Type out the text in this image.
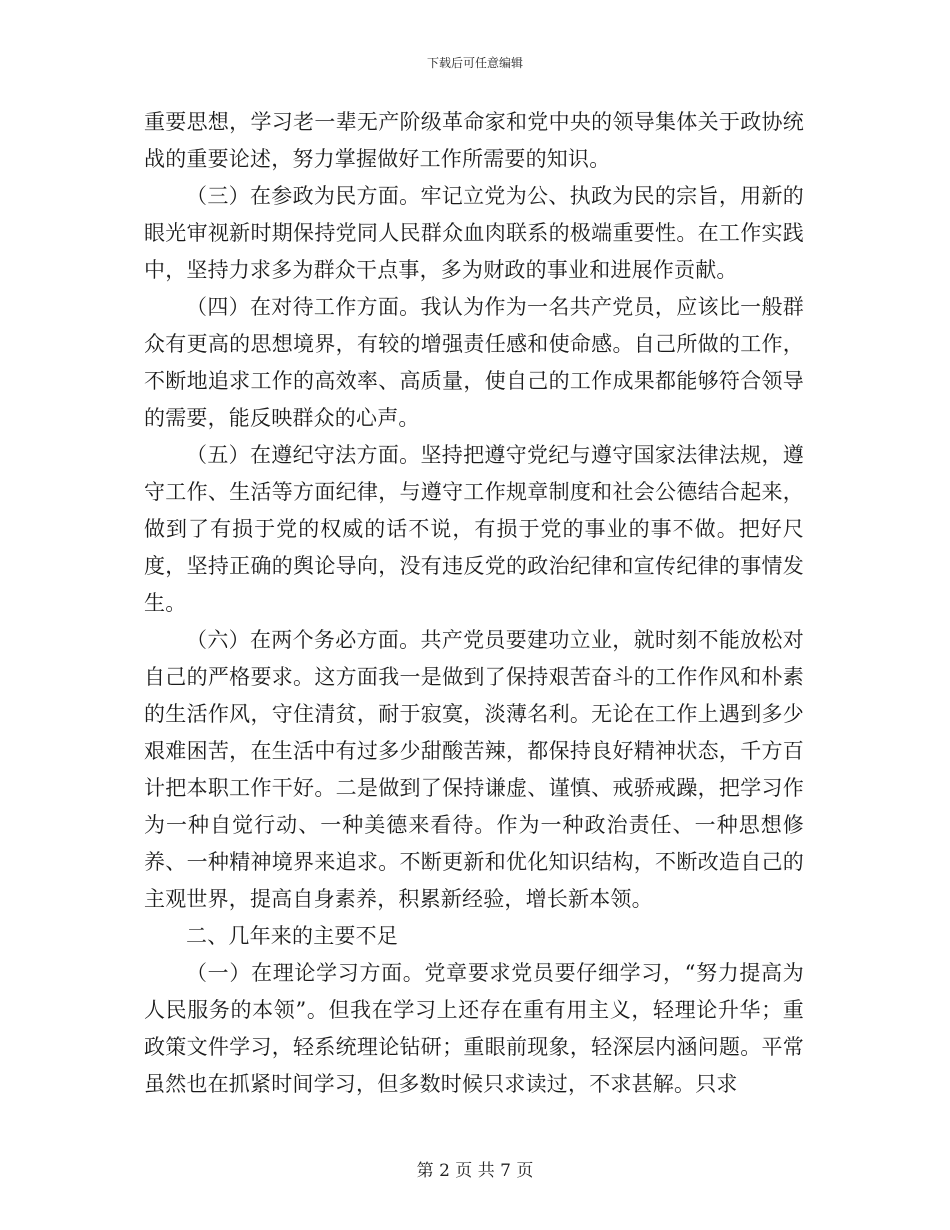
下载后可任意编辑

重要思想，学习老一辈无产阶级革命家和党中央的领导集体关于政协统战的重要论述，努力掌握做好工作所需要的知识。

（三）在参政为民方面。牢记立党为公、执政为民的宗旨，用新的眼光审视新时期保持党同人民群众血肉联系的极端重要性。在工作实践中，坚持力求多为群众干点事，多为财政的事业和进展作贡献。

（四）在对待工作方面。我认为作为一名共产党员，应该比一般群众有更高的思想境界，有较的增强责任感和使命感。自己所做的工作，不断地追求工作的高效率、高质量，使自己的工作成果都能够符合领导的需要，能反映群众的心声。

（五）在遵纪守法方面。坚持把遵守党纪与遵守国家法律法规，遵守工作、生活等方面纪律，与遵守工作规章制度和社会公德结合起来，做到了有损于党的权威的话不说，有损于党的事业的事不做。把好尺度，坚持正确的舆论导向，没有违反党的政治纪律和宣传纪律的事情发生。

（六）在两个务必方面。共产党员要建功立业，就时刻不能放松对自己的严格要求。这方面我一是做到了保持艰苦奋斗的工作作风和朴素的生活作风，守住清贫，耐于寂寞，淡薄名利。无论在工作上遇到多少艰难困苦，在生活中有过多少甜酸苦辣，都保持良好精神状态，千方百计把本职工作干好。二是做到了保持谦虚、谨慎、戒骄戒躁，把学习作为一种自觉行动、一种美德来看待。作为一种政治责任、一种思想修养、一种精神境界来追求。不断更新和优化知识结构，不断改造自己的主观世界，提高自身素养，积累新经验，增长新本领。

二、几年来的主要不足

（一）在理论学习方面。党章要求党员要仔细学习，“努力提高为人民服务的本领”。但我在学习上还存在重有用主义，轻理论升华；重政策文件学习，轻系统理论钻研；重眼前现象，轻深层内涵问题。平常虽然也在抓紧时间学习，但多数时候只求读过，不求甚解。只求

第 2 页 共 7 页
